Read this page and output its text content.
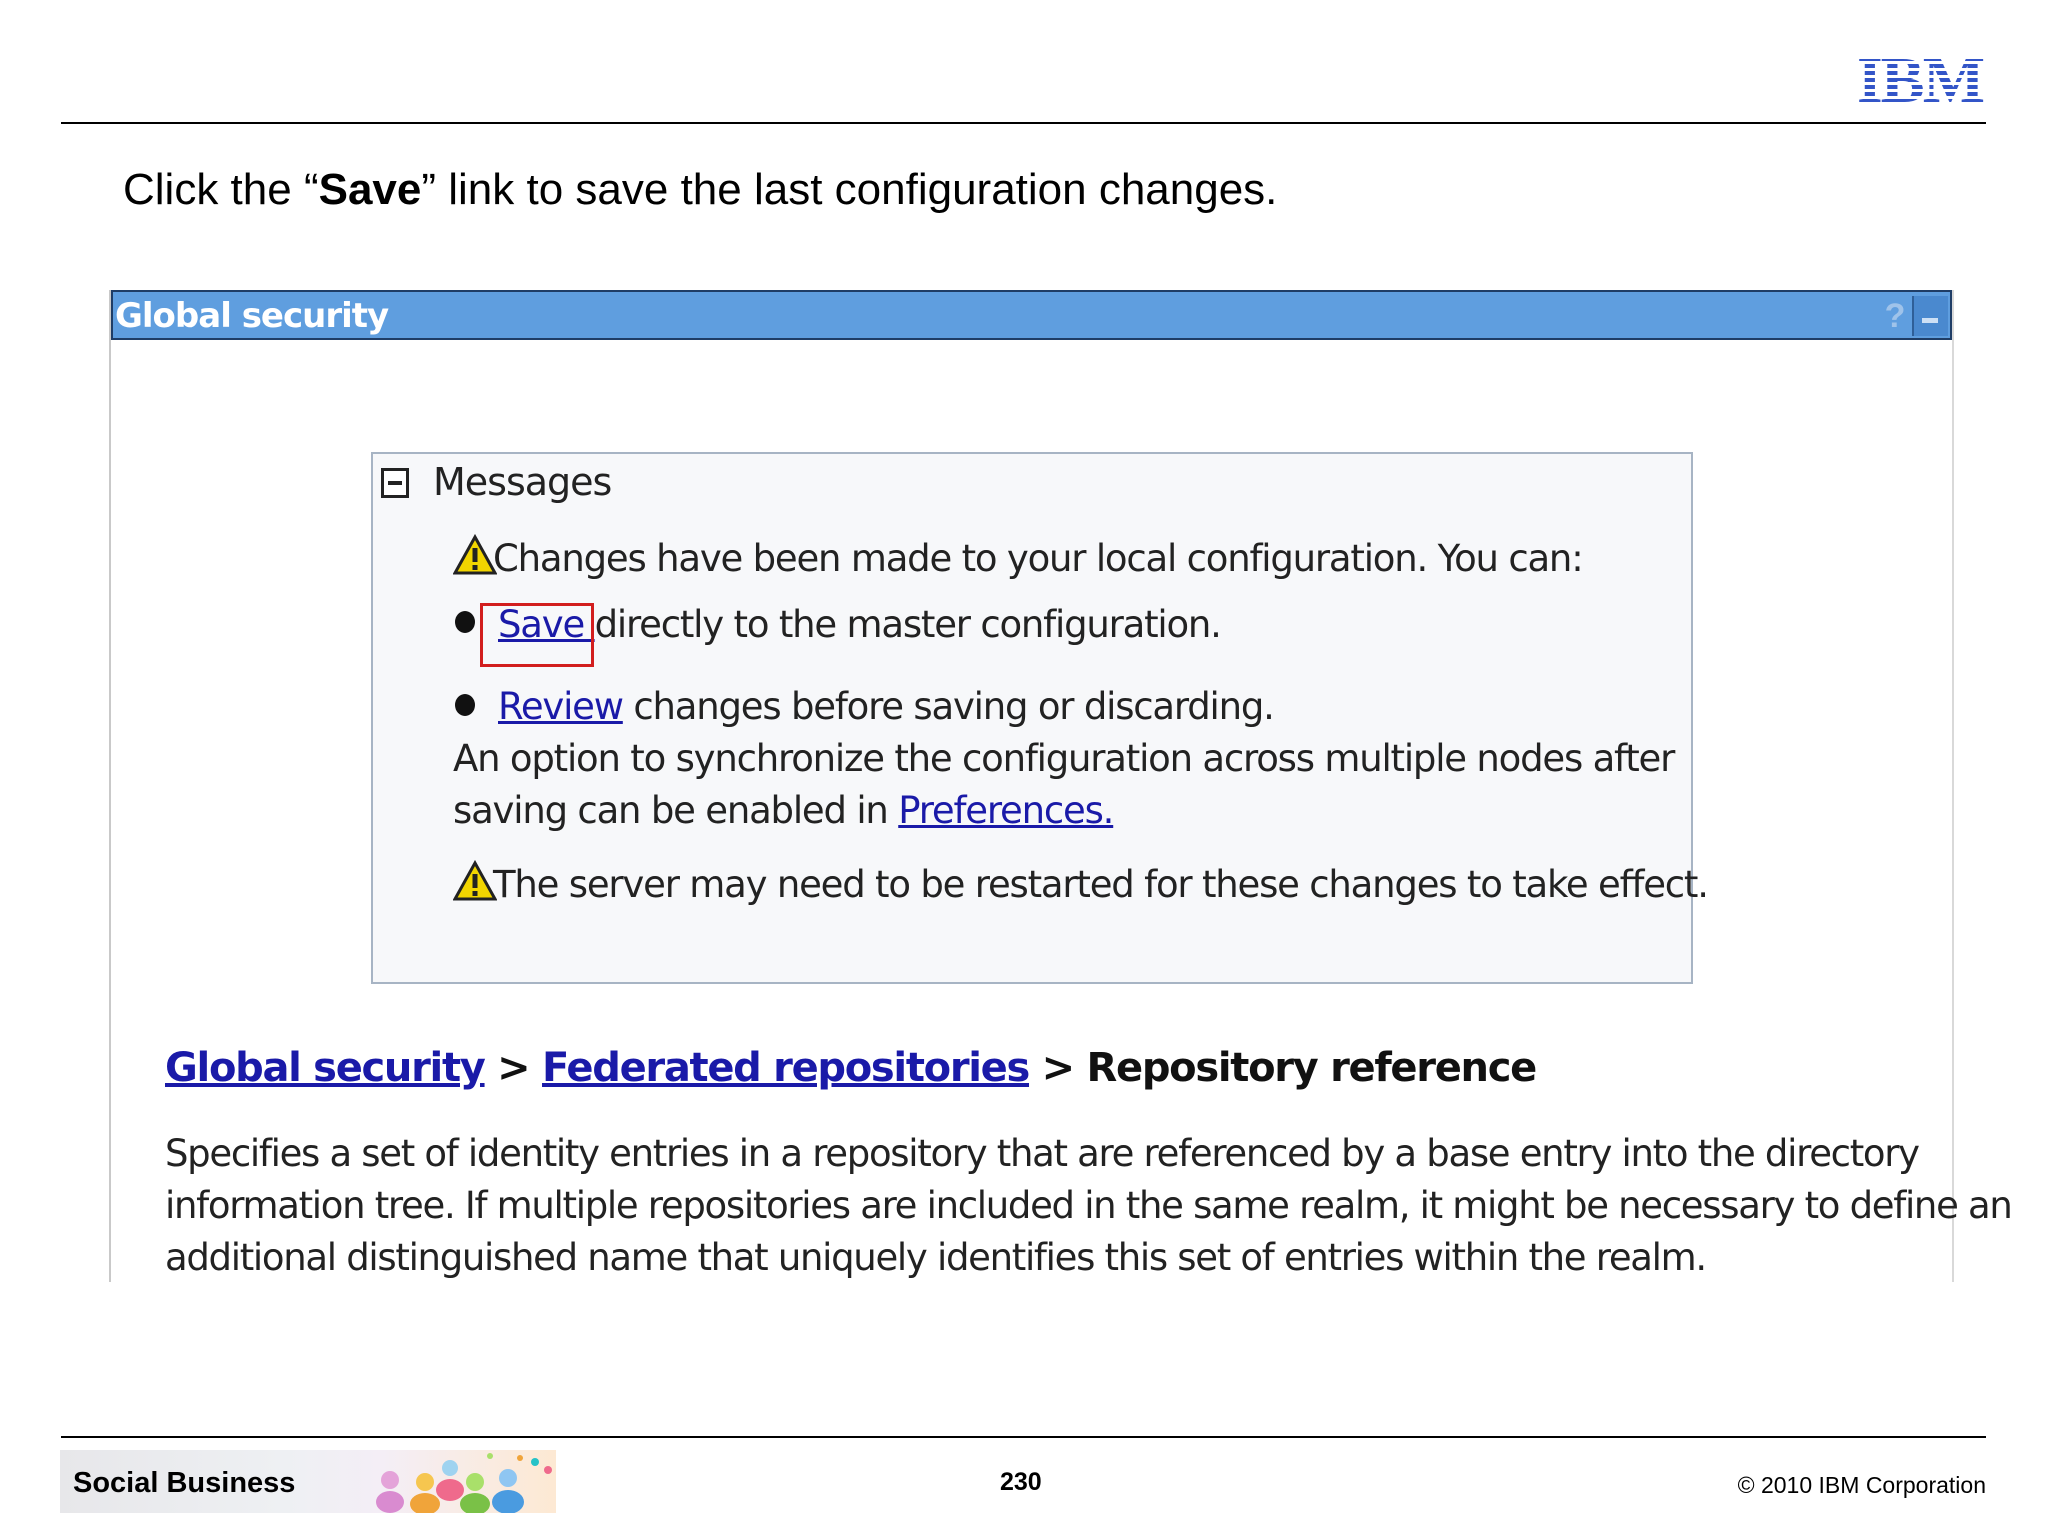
IBM
Click the “Save” link to save the last configuration changes.
Global security	?
Messages
Changes have been made to your local configuration. You can:
Save directly to the master configuration.
Review changes before saving or discarding.
An option to synchronize the configuration across multiple nodes after
saving can be enabled in Preferences.
The server may need to be restarted for these changes to take effect.
Global security > Federated repositories > Repository reference
Specifies a set of identity entries in a repository that are referenced by a base entry into the directory
information tree. If multiple repositories are included in the same realm, it might be necessary to define an
additional distinguished name that uniquely identifies this set of entries within the realm.
Social Business	230	© 2010 IBM Corporation
